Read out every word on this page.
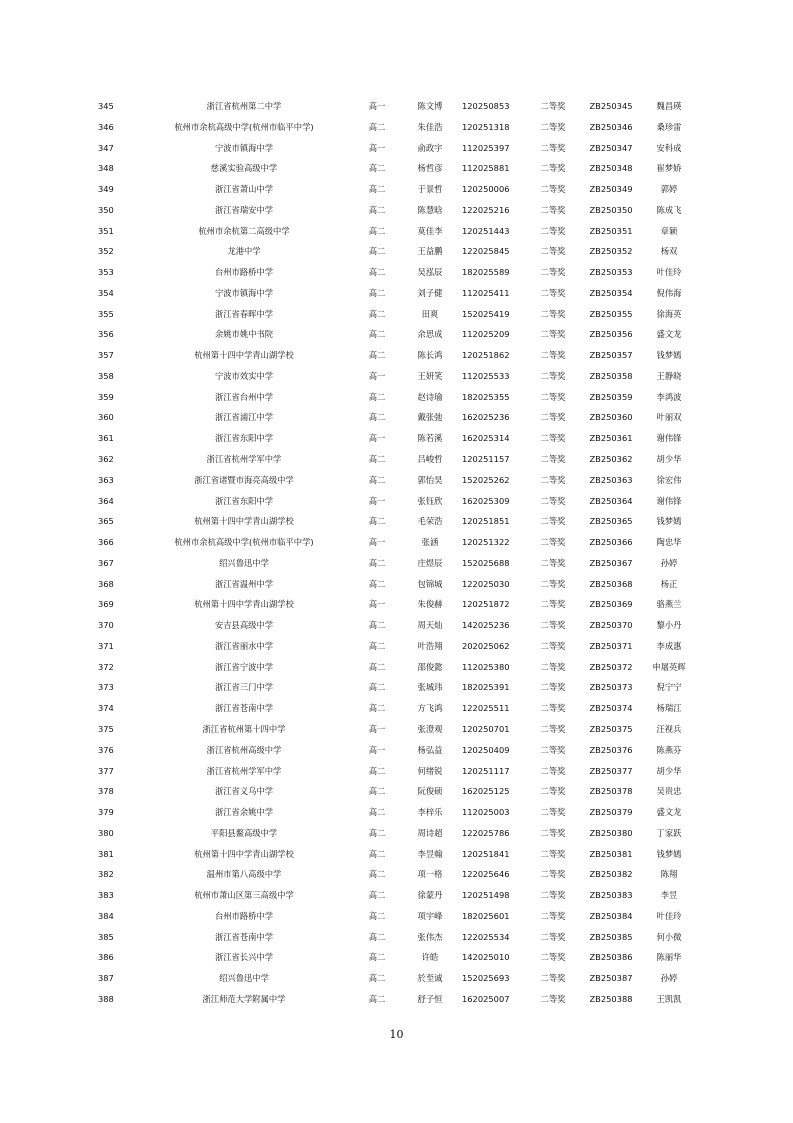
345	浙江省杭州第二中学	高一	陈文博	120250853	二等奖	ZB250345	魏昌瑛
346	杭州市余杭高级中学(杭州市临平中学)	高二	朱佳浩	120251318	二等奖	ZB250346	桑珍雷
347	宁波市镇海中学	高一	俞政宇	112025397	二等奖	ZB250347	安科成
348	慈溪实验高级中学	高二	杨哲彦	112025881	二等奖	ZB250348	崔梦娇
349	浙江省萧山中学	高二	于景哲	120250006	二等奖	ZB250349	郭婷
350	浙江省瑞安中学	高二	陈慧晗	122025216	二等奖	ZB250350	陈成飞
351	杭州市余杭第二高级中学	高二	莫佳李	120251443	二等奖	ZB250351	章颖
352	龙港中学	高二	王益鹏	122025845	二等奖	ZB250352	杨双
353	台州市路桥中学	高二	吴泓辰	182025589	二等奖	ZB250353	叶佳玲
354	宁波市镇海中学	高二	刘子健	112025411	二等奖	ZB250354	倪伟海
355	浙江省春晖中学	高二	田爽	152025419	二等奖	ZB250355	徐海英
356	余姚市姚中书院	高二	余思成	112025209	二等奖	ZB250356	盛文龙
357	杭州第十四中学青山湖学校	高二	陈长鸿	120251862	二等奖	ZB250357	钱梦嫣
358	宁波市效实中学	高一	王妍笑	112025533	二等奖	ZB250358	王静晓
359	浙江省台州中学	高二	赵诗瑜	182025355	二等奖	ZB250359	李鸿波
360	浙江省浦江中学	高二	戴张弛	162025236	二等奖	ZB250360	叶丽双
361	浙江省东阳中学	高一	陈若溪	162025314	二等奖	ZB250361	谢伟锋
362	浙江省杭州学军中学	高二	吕峻哲	120251157	二等奖	ZB250362	胡少华
363	浙江省诸暨市海亮高级中学	高二	郭怡昊	152025262	二等奖	ZB250363	徐宏伟
364	浙江省东阳中学	高一	张钰欣	162025309	二等奖	ZB250364	谢伟锋
365	杭州第十四中学青山湖学校	高二	毛荣浩	120251851	二等奖	ZB250365	钱梦嫣
366	杭州市余杭高级中学(杭州市临平中学)	高一	张涵	120251322	二等奖	ZB250366	陶忠华
367	绍兴鲁迅中学	高二	庄煜辰	152025688	二等奖	ZB250367	孙婷
368	浙江省温州中学	高二	包锦城	122025030	二等奖	ZB250368	杨正
369	杭州第十四中学青山湖学校	高一	朱俊赫	120251872	二等奖	ZB250369	骆燕兰
370	安吉县高级中学	高二	周天灿	142025236	二等奖	ZB250370	黎小丹
371	浙江省丽水中学	高二	叶浩翔	202025062	二等奖	ZB250371	李成惠
372	浙江省宁波中学	高二	邵俊懿	112025380	二等奖	ZB250372	申屠英辉
373	浙江省三门中学	高二	张城玮	182025391	二等奖	ZB250373	倪宁宁
374	浙江省苍南中学	高二	方飞鸿	122025511	二等奖	ZB250374	杨瑞江
375	浙江省杭州第十四中学	高一	张澄观	120250701	二等奖	ZB250375	汪视兵
376	浙江省杭州高级中学	高一	杨弘益	120250409	二等奖	ZB250376	陈燕芬
377	浙江省杭州学军中学	高二	何绪锐	120251117	二等奖	ZB250377	胡少华
378	浙江省义乌中学	高二	阮俊硕	162025125	二等奖	ZB250378	吴贵忠
379	浙江省余姚中学	高二	李梓乐	112025003	二等奖	ZB250379	盛文龙
380	平阳县鳌高级中学	高二	周诗超	122025786	二等奖	ZB250380	丁家跃
381	杭州第十四中学青山湖学校	高二	李昱翰	120251841	二等奖	ZB250381	钱梦嫣
382	温州市第八高级中学	高二	项一格	122025646	二等奖	ZB250382	陈翔
383	杭州市萧山区第三高级中学	高二	徐蒙丹	120251498	二等奖	ZB250383	李昱
384	台州市路桥中学	高二	项宇峰	182025601	二等奖	ZB250384	叶佳玲
385	浙江省苍南中学	高二	张伟杰	122025534	二等奖	ZB250385	何小微
386	浙江省长兴中学	高二	许皓	142025010	二等奖	ZB250386	陈丽华
387	绍兴鲁迅中学	高二	於至诚	152025693	二等奖	ZB250387	孙婷
388	浙江师范大学附属中学	高二	舒子恒	162025007	二等奖	ZB250388	王凯凯
10
